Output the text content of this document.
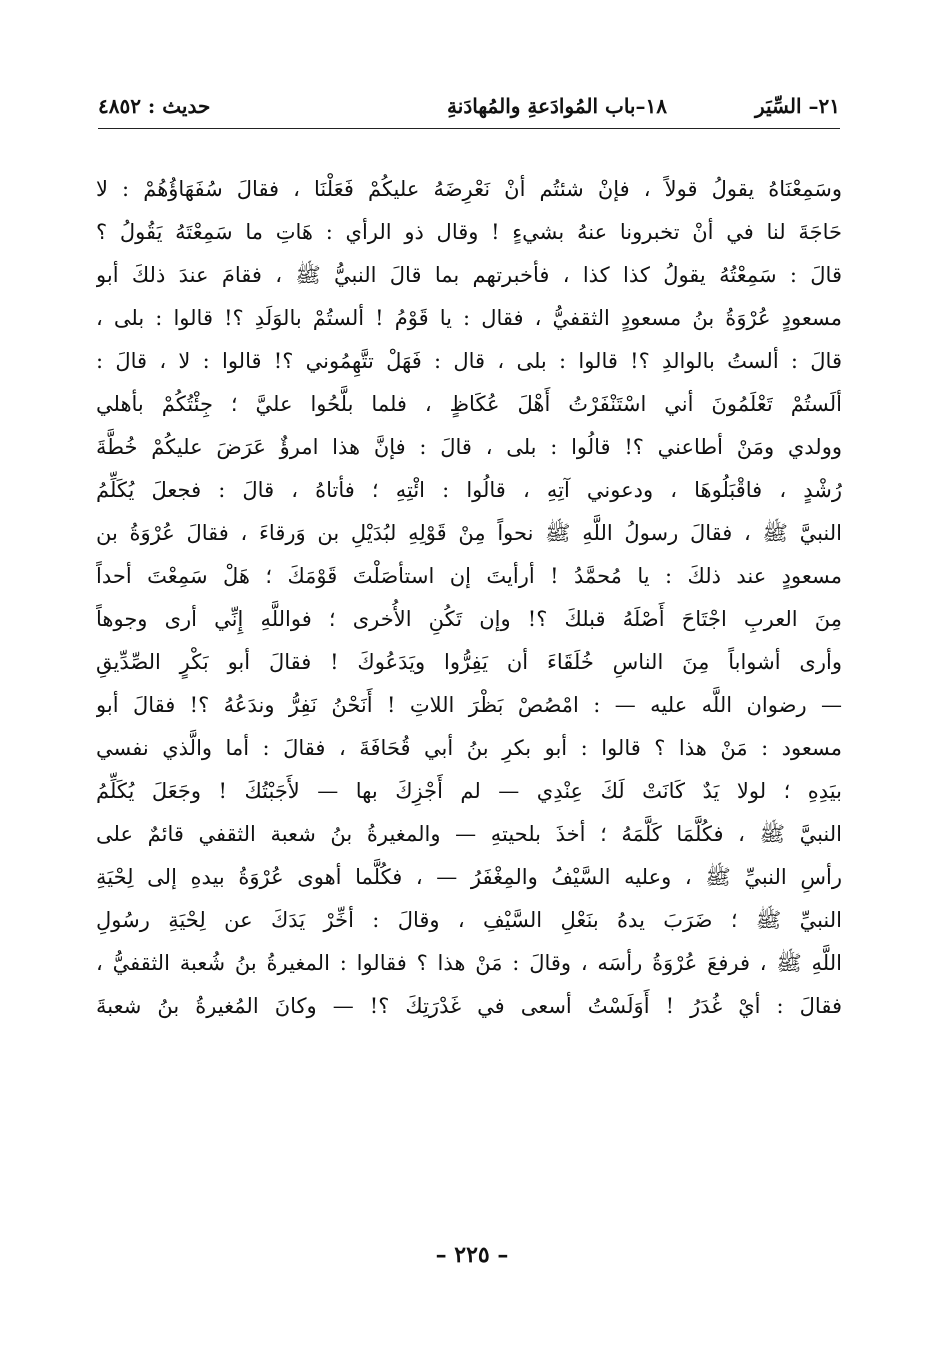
٢١– السِّيَر
١٨–باب المُوادَعةِ والمُهادَنةِ
حديث : ٤٨٥٢
وسَمِعْنَاهُ يقولُ قولاً ، فإنْ شئتُم أنْ نَعْرِضَهُ عليكُمْ فَعَلْنَا ، فقالَ سُفَهَاؤُهُمْ : لا
حَاجَةَ لنا في أنْ تخبرونا عنهُ بشيءٍ ! وقال ذو الرأي : هَاتِ ما سَمِعْتَهُ يَقُولُ ؟
قالَ : سَمِعْتُهُ يقولُ كذا كذا ، فأخبرتهم بما قالَ النبيُّ ﷺ ، فقامَ عندَ ذلكَ أبو
مسعودٍ عُرْوَةُ بنُ مسعودٍ الثقفيُّ ، فقال : يا قَوْمُ ! ألستُمْ بالوَلَدِ ؟! قالوا : بلى ،
قالَ : ألستُ بالوالدِ ؟! قالوا : بلى ، قال : فَهَلْ تتَّهِمُوني ؟! قالوا : لا ، قالَ :
ألَستُمْ تَعْلَمُونَ أني اسْتَنْفَرْتُ أَهْلَ عُكَاظٍ ، فلما بلَّحُوا عليَّ ؛ جِئْتُكُمْ بأهلي
وولدي ومَنْ أطاعني ؟! قالُوا : بلى ، قالَ : فإنَّ هذا امرؤٌ عَرَضَ عليكُمْ خُطَّةَ
رُشْدٍ ، فاقْبَلُوهَا ، ودعوني آتِهِ ، قالُوا : ائْتِهِ ؛ فأتاهُ ، قالَ : فجعلَ يُكَلِّمُ
النبيَّ ﷺ ، فقالَ رسولُ اللَّهِ ﷺ نحواً مِنْ قَوْلِهِ لبُدَيْلِ بن وَرقاءَ ، فقالَ عُرْوَةُ بن
مسعودٍ عند ذلكَ : يا مُحمَّدُ ! أرأيتَ إن استأصَلْتَ قَوْمَكَ ؛ هَلْ سَمِعْتَ أحداً
مِنَ العربِ اجْتَاحَ أَصْلَهُ قبلكَ ؟! وإن تَكُنِ الأُخرى ؛ فواللَّهِ إِنِّي أرى وجوهاً
وأرى أشواباً مِنَ الناسِ خُلَقَاءَ أن يَفِرُّوا ويَدَعُوكَ ! فقالَ أبو بَكْرٍ الصِّدِّيقِ
— رضوان اللَّه عليه — : امْصُصْ بَظْرَ اللاتِ ! أَنَحْنُ نَفِرُّ وندَعُهُ ؟! فقالَ أبو
مسعود : مَنْ هذا ؟ قالوا : أبو بكرِ بنُ أبي قُحَافَةَ ، فقالَ : أما والَّذي نفسي
بيَدِهِ ؛ لولا يَدٌ كَانَتْ لَكَ عِنْدِي — لم أَجْزِكَ بها — لأَجَبْتُكَ ! وجَعَلَ يُكَلِّمُ
النبيَّ ﷺ ، فكُلَّمَا كَلَّمَهُ ؛ أخذَ بلحيتهِ — والمغيرةُ بنُ شعبة الثقفي قائمٌ على
رأسِ النبيِّ ﷺ ، وعليه السَّيْفُ والمِغْفَرُ — ، فكُلَّما أهوى عُرْوَةُ بيدهِ إلى لِحْيَةِ
النبيِّ ﷺ ؛ ضَرَبَ يدهُ بنَعْلِ السَّيْفِ ، وقالَ : أخِّرْ يَدَكَ عن لِحْيَةِ رسُولِ
اللَّهِ ﷺ ، فرفعَ عُرْوَةُ رأسَه ، وقالَ : مَنْ هذا ؟ فقالوا : المغيرةُ بنُ شُعبة الثقفيُّ ،
فقالَ : أيْ غُدَرُ ! أَوَلَسْتُ أسعى في غَدْرَتِكَ ؟! — وكانَ المُغيرةُ بنُ شعبةَ
– ٢٢٥ –
